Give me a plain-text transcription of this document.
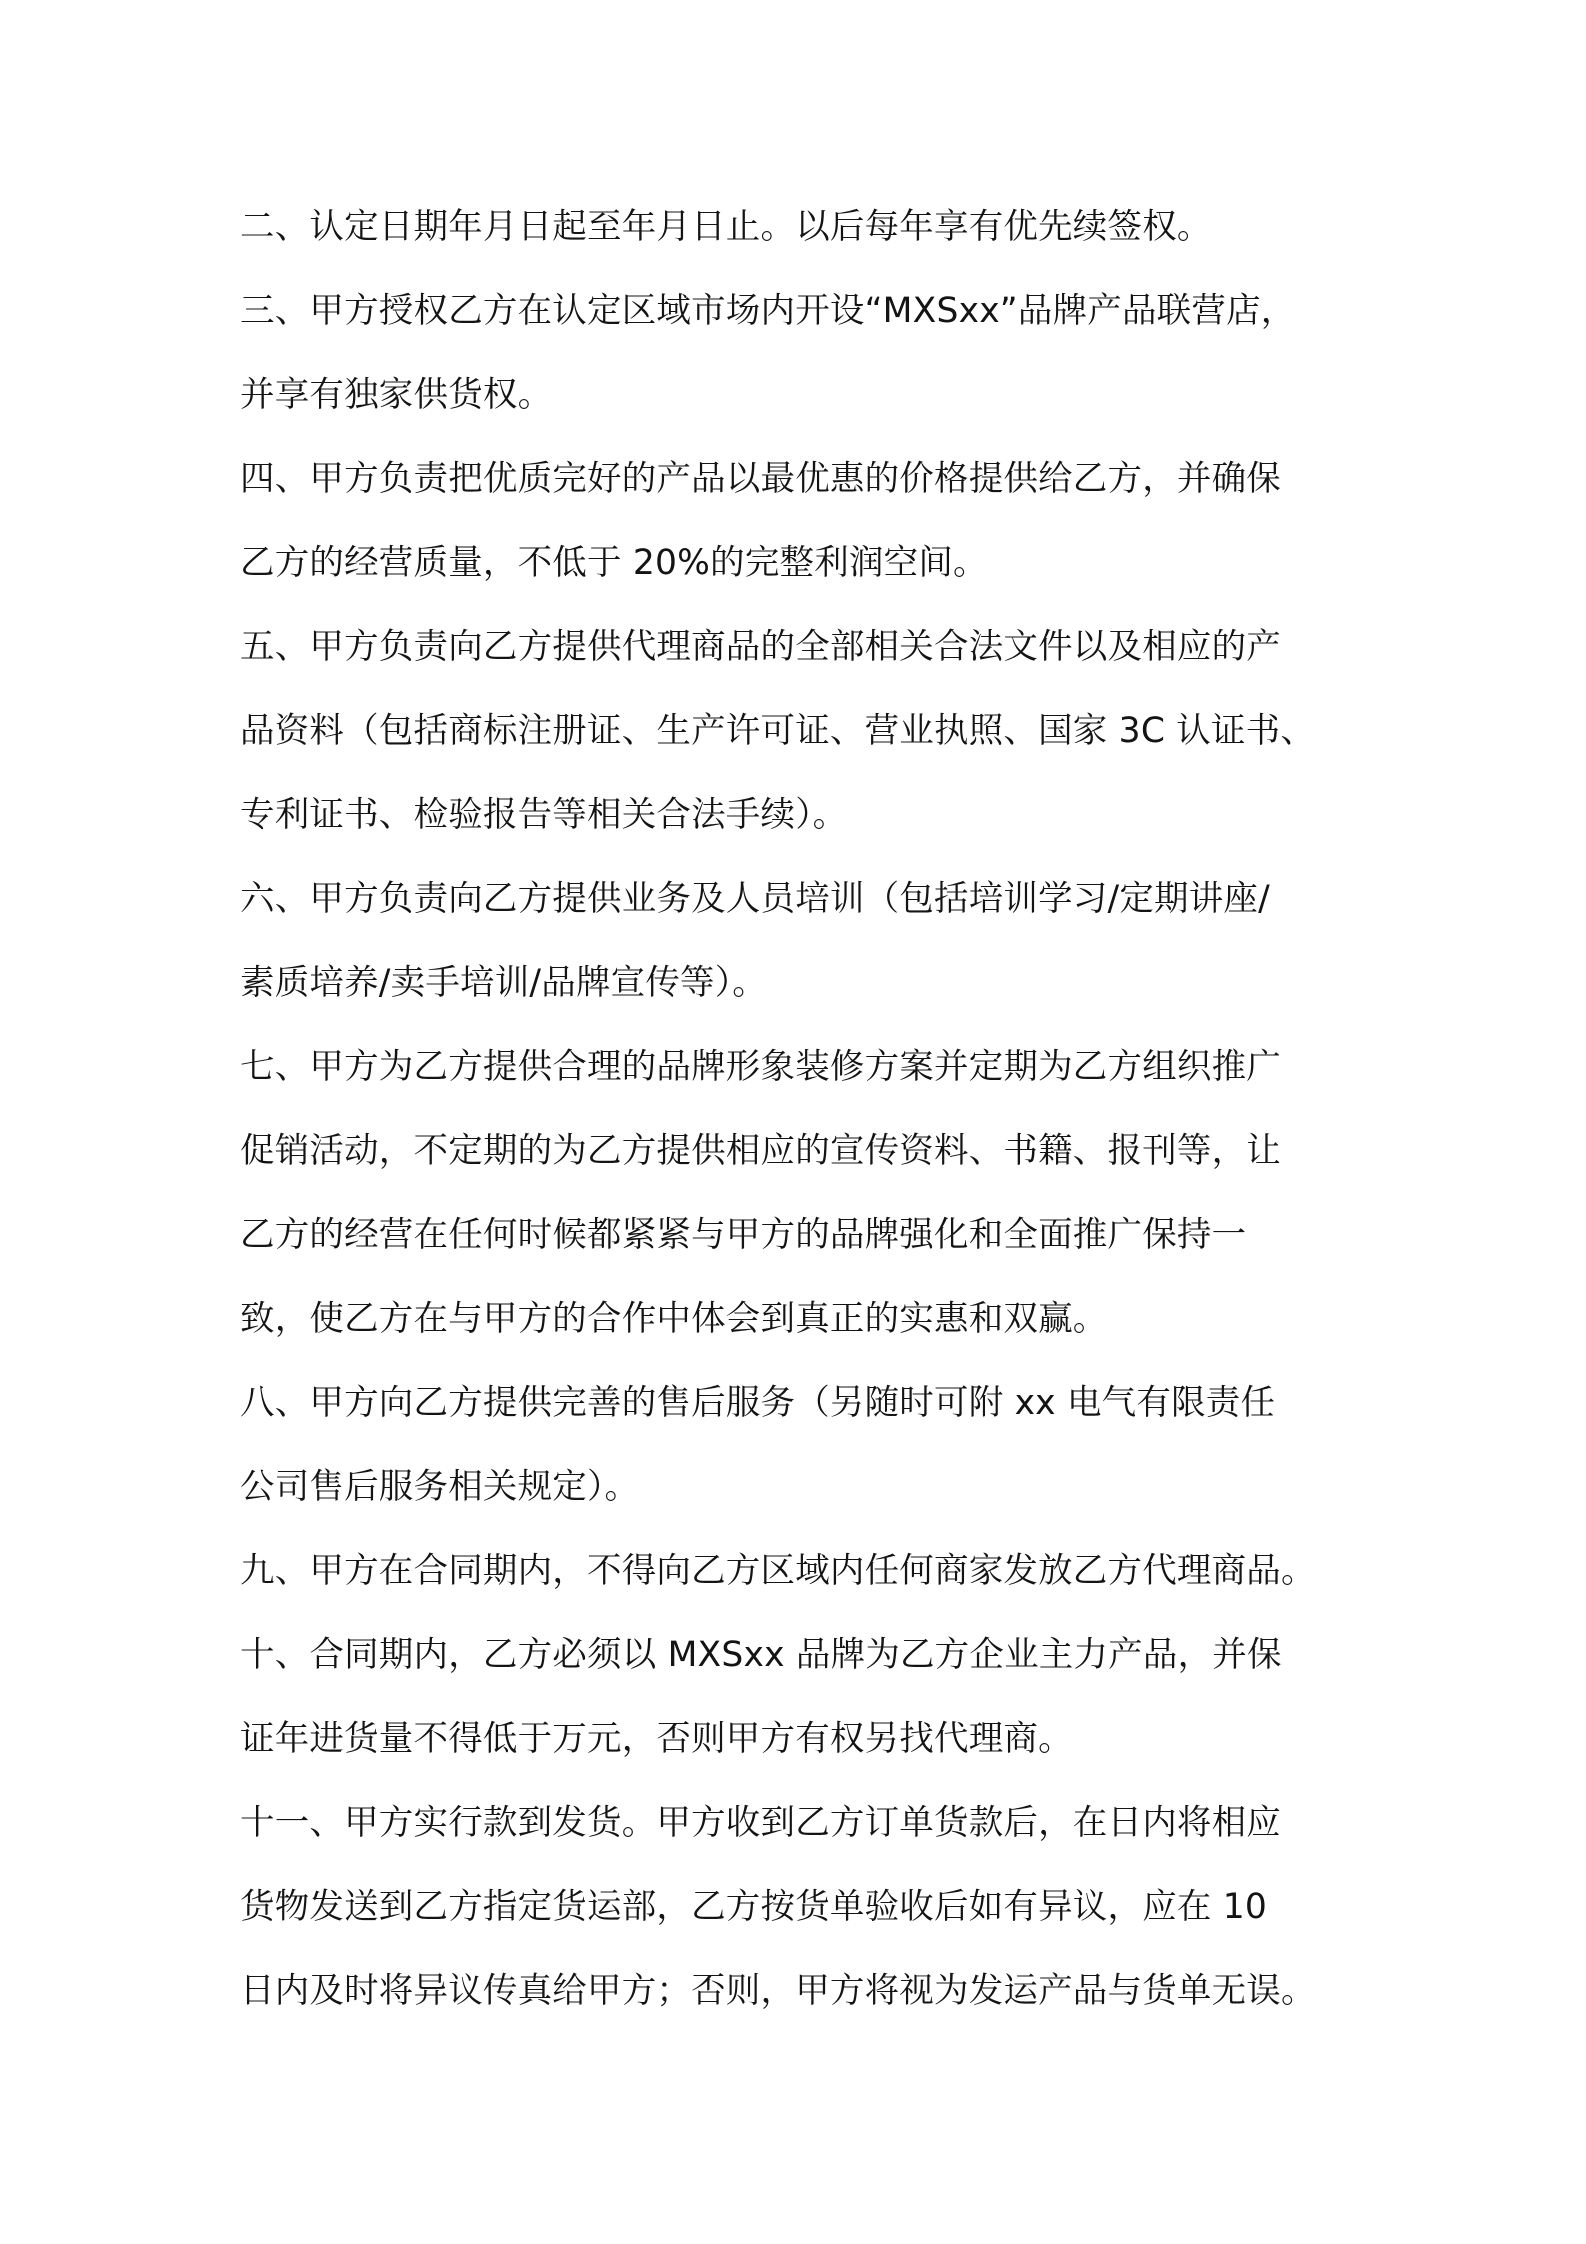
二、认定日期年月日起至年月日止。以后每年享有优先续签权。
三、甲方授权乙方在认定区域市场内开设“MXSxx”品牌产品联营店，
并享有独家供货权。
四、甲方负责把优质完好的产品以最优惠的价格提供给乙方，并确保
乙方的经营质量，不低于 20%的完整利润空间。
五、甲方负责向乙方提供代理商品的全部相关合法文件以及相应的产
品资料（包括商标注册证、生产许可证、营业执照、国家 3C 认证书、
专利证书、检验报告等相关合法手续）。
六、甲方负责向乙方提供业务及人员培训（包括培训学习/定期讲座/
素质培养/卖手培训/品牌宣传等）。
七、甲方为乙方提供合理的品牌形象装修方案并定期为乙方组织推广
促销活动，不定期的为乙方提供相应的宣传资料、书籍、报刊等，让
乙方的经营在任何时候都紧紧与甲方的品牌强化和全面推广保持一
致，使乙方在与甲方的合作中体会到真正的实惠和双赢。
八、甲方向乙方提供完善的售后服务（另随时可附 xx 电气有限责任
公司售后服务相关规定）。
九、甲方在合同期内，不得向乙方区域内任何商家发放乙方代理商品。
十、合同期内，乙方必须以 MXSxx 品牌为乙方企业主力产品，并保
证年进货量不得低于万元，否则甲方有权另找代理商。
十一、甲方实行款到发货。甲方收到乙方订单货款后，在日内将相应
货物发送到乙方指定货运部，乙方按货单验收后如有异议，应在 10
日内及时将异议传真给甲方；否则，甲方将视为发运产品与货单无误。
